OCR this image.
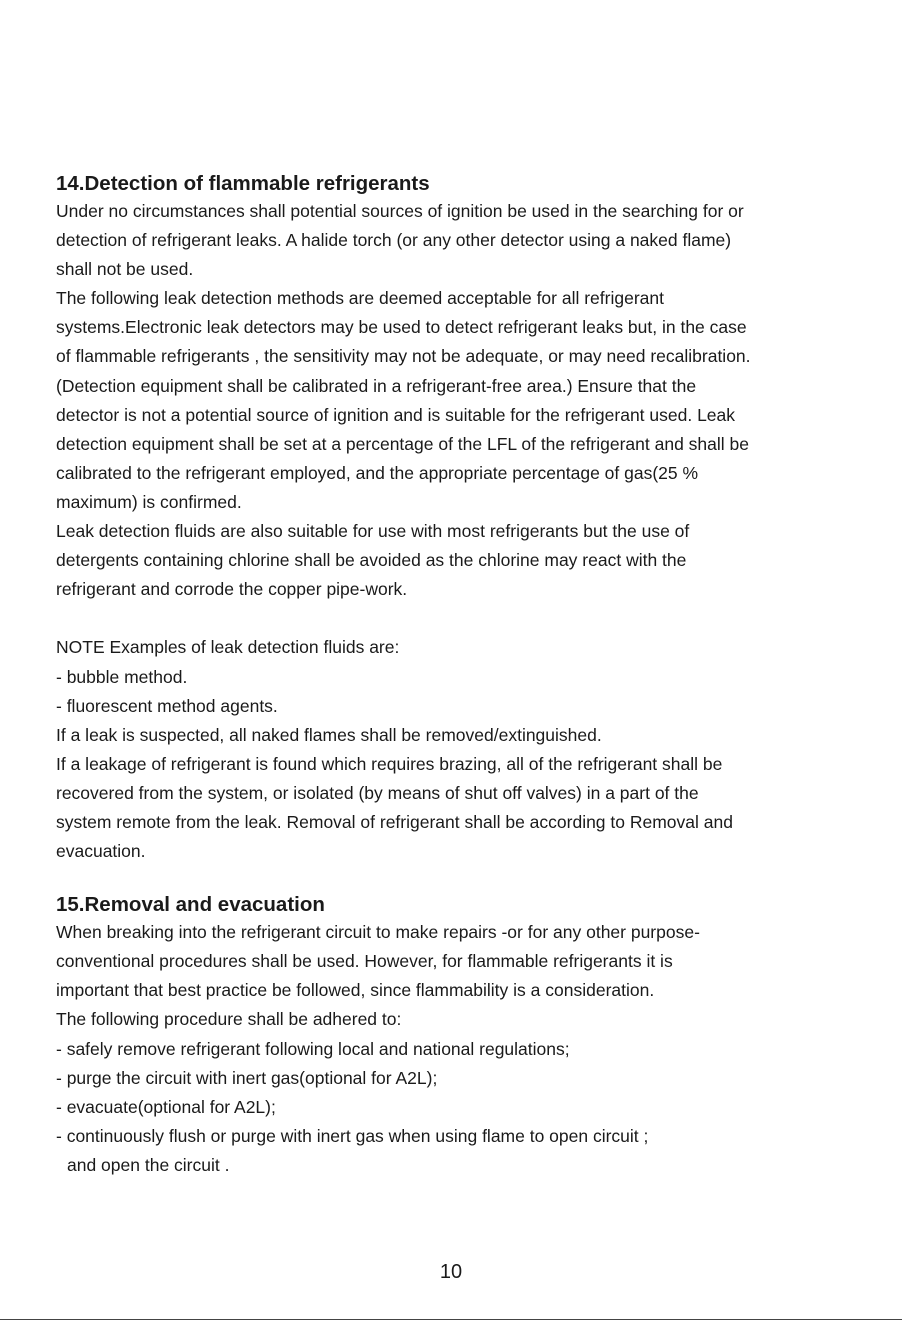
14.Detection of flammable refrigerants

Under no circumstances shall potential sources of ignition be used in the searching for or

detection of refrigerant leaks. A halide torch (or any other detector using a naked flame)

shall not be used.

The following leak detection methods are deemed acceptable for all refrigerant

systems.Electronic leak detectors may be used to detect refrigerant leaks but, in the case

of flammable refrigerants , the sensitivity may not be adequate, or may need recalibration.

(Detection equipment shall be calibrated in a refrigerant-free area.) Ensure that the

detector is not a potential source of ignition and is suitable for the refrigerant used. Leak

detection equipment shall be set at a percentage of the LFL of the refrigerant and shall be

calibrated to the refrigerant employed, and the appropriate percentage of gas(25 %

maximum) is confirmed.

Leak detection fluids are also suitable for use with most refrigerants but the use of

detergents containing chlorine shall be avoided as the chlorine may react with the

refrigerant and corrode the copper pipe-work.

NOTE Examples of leak detection fluids are:

- bubble method.

- fluorescent method agents.

If a leak is suspected, all naked flames shall be removed/extinguished.

If a leakage of refrigerant is found which requires brazing, all of the refrigerant shall be

recovered from the system, or isolated (by means of shut off valves) in a part of the

system remote from the leak. Removal of refrigerant shall be according to Removal and

evacuation.

15.Removal and evacuation

When breaking into the refrigerant circuit to make repairs -or for any other purpose-

conventional procedures shall be used. However, for flammable refrigerants it is

important that best practice be followed, since flammability is a consideration.

The following procedure shall be adhered to:

- safely remove refrigerant following local and national regulations;

- purge the circuit with inert gas(optional for A2L);

- evacuate(optional for A2L);

- continuously flush or purge with inert gas when using flame to open circuit ;

and open the circuit .

10
